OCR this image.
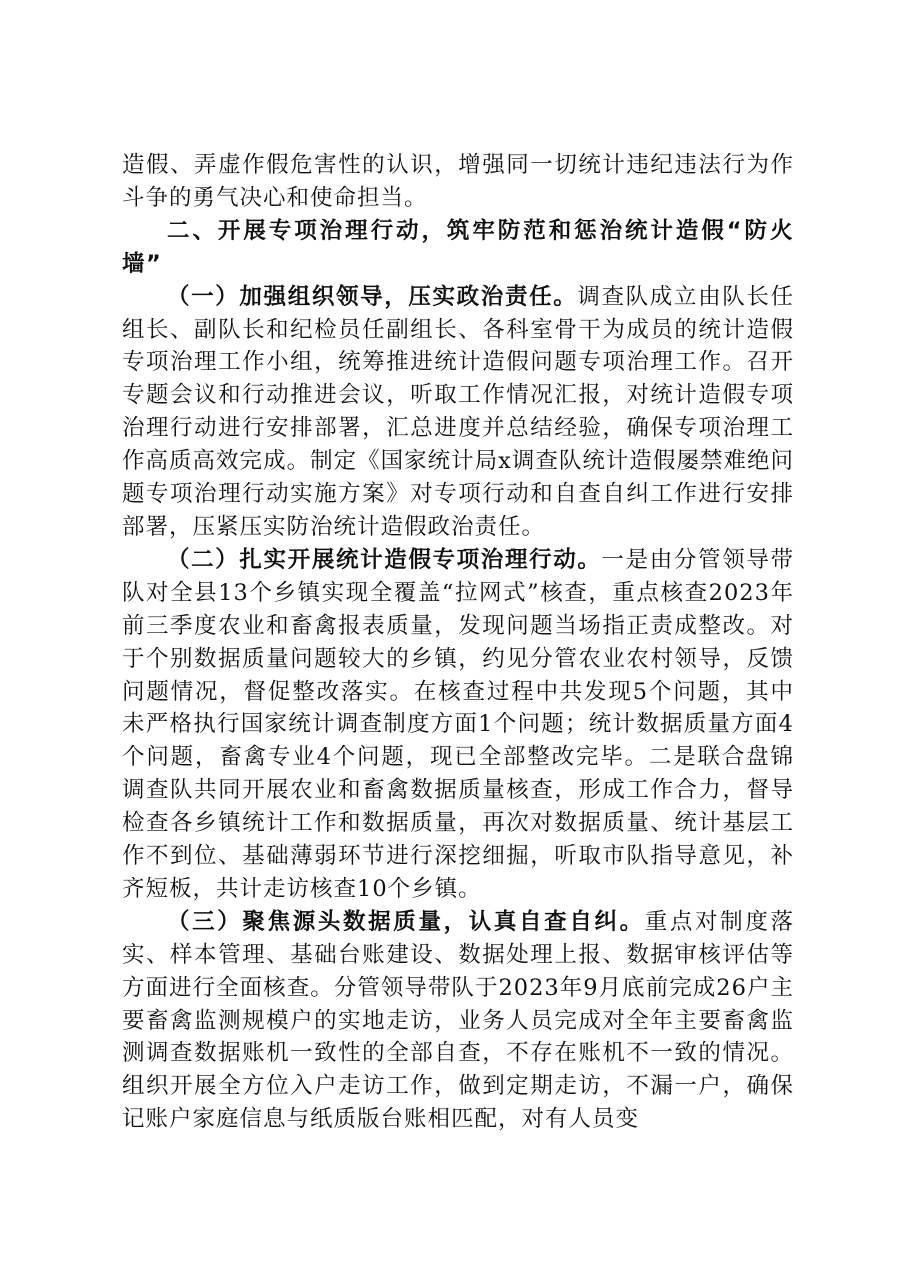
造假、弄虚作假危害性的认识，增强同一切统计违纪违法行为作斗争的勇气决心和使命担当。

二、开展专项治理行动，筑牢防范和惩治统计造假“防火墙”

（一）加强组织领导，压实政治责任。调查队成立由队长任组长、副队长和纪检员任副组长、各科室骨干为成员的统计造假专项治理工作小组，统筹推进统计造假问题专项治理工作。召开专题会议和行动推进会议，听取工作情况汇报，对统计造假专项治理行动进行安排部署，汇总进度并总结经验，确保专项治理工作高质高效完成。制定《国家统计局x调查队统计造假屡禁难绝问题专项治理行动实施方案》对专项行动和自查自纠工作进行安排部署，压紧压实防治统计造假政治责任。

（二）扎实开展统计造假专项治理行动。一是由分管领导带队对全县13个乡镇实现全覆盖“拉网式”核查，重点核查2023年前三季度农业和畜禽报表质量，发现问题当场指正责成整改。对于个别数据质量问题较大的乡镇，约见分管农业农村领导，反馈问题情况，督促整改落实。在核查过程中共发现5个问题，其中未严格执行国家统计调查制度方面1个问题；统计数据质量方面4个问题，畜禽专业4个问题，现已全部整改完毕。二是联合盘锦调查队共同开展农业和畜禽数据质量核查，形成工作合力，督导检查各乡镇统计工作和数据质量，再次对数据质量、统计基层工作不到位、基础薄弱环节进行深挖细掘，听取市队指导意见，补齐短板，共计走访核查10个乡镇。

（三）聚焦源头数据质量，认真自查自纠。重点对制度落实、样本管理、基础台账建设、数据处理上报、数据审核评估等方面进行全面核查。分管领导带队于2023年9月底前完成26户主要畜禽监测规模户的实地走访，业务人员完成对全年主要畜禽监测调查数据账机一致性的全部自查，不存在账机不一致的情况。组织开展全方位入户走访工作，做到定期走访，不漏一户，确保记账户家庭信息与纸质版台账相匹配，对有人员变
